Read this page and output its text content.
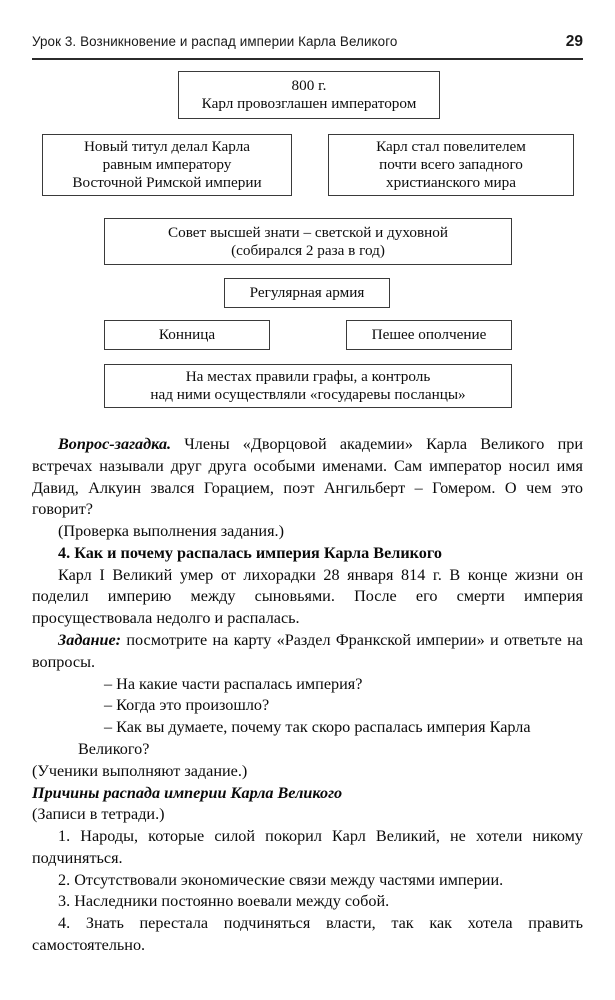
Урок 3. Возникновение и распад империи Карла Великого	29
800 г.
Карл провозглашен императором
Новый титул делал Карла
равным императору
Восточной Римской империи
Карл стал повелителем
почти всего западного
христианского мира
Совет высшей знати – светской и духовной
(собирался 2 раза в год)
Регулярная армия
Конница	Пешее ополчение
На местах правили графы, а контроль
над ними осуществляли «государевы посланцы»

Вопрос-загадка. Члены «Дворцовой академии» Карла Великого при встречах называли друг друга особыми именами. Сам император носил имя Давид, Алкуин звался Горацием, поэт Ангильберт – Гомером. О чем это говорит?

(Проверка выполнения задания.)

4. Как и почему распалась империя Карла Великого

Карл I Великий умер от лихорадки 28 января 814 г. В конце жизни он поделил империю между сыновьями. После его смерти империя просуществовала недолго и распалась.

Задание: посмотрите на карту «Раздел Франкской империи» и ответьте на вопросы.

– На какие части распалась империя?

– Когда это произошло?

– Как вы думаете, почему так скоро распалась империя Карла Великого?

(Ученики выполняют задание.)

Причины распада империи Карла Великого

(Записи в тетради.)

1. Народы, которые силой покорил Карл Великий, не хотели никому подчиняться.

2. Отсутствовали экономические связи между частями империи.

3. Наследники постоянно воевали между собой.

4. Знать перестала подчиняться власти, так как хотела править самостоятельно.
